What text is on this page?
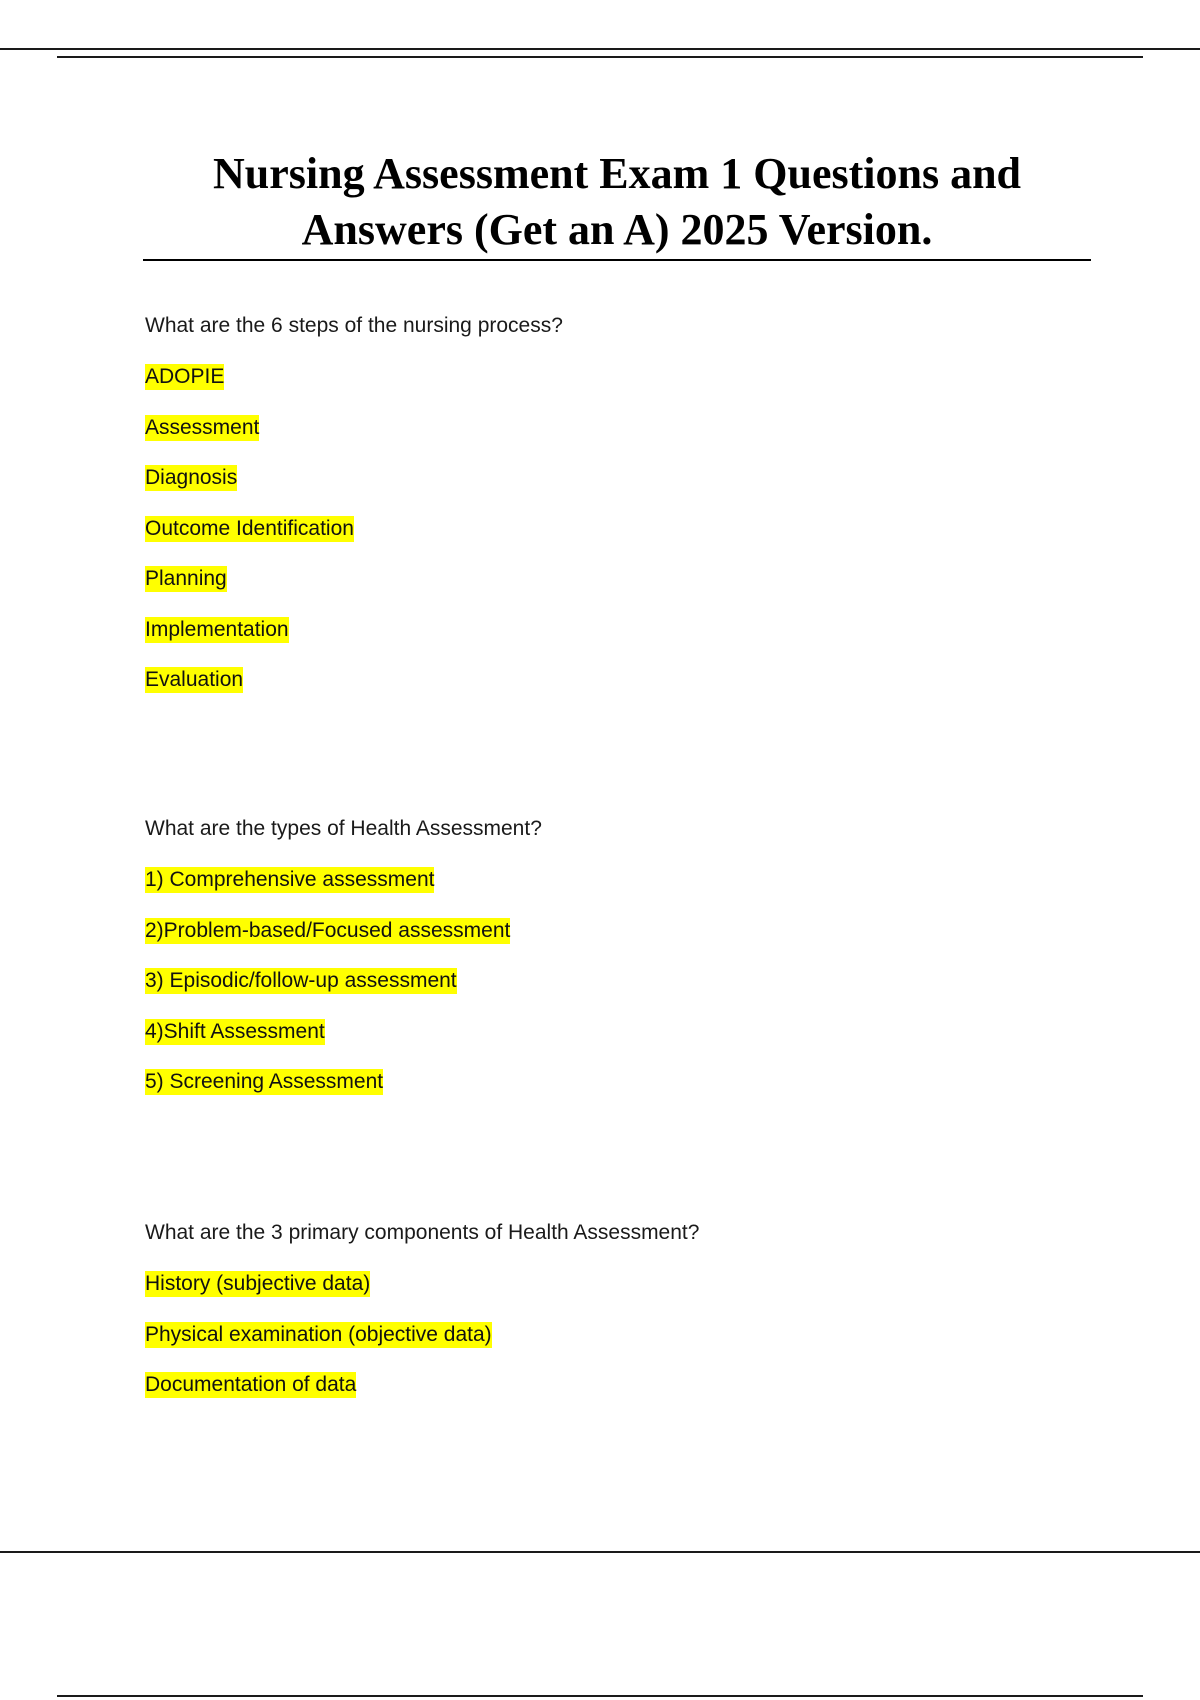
Nursing Assessment Exam 1 Questions and
Answers (Get an A) 2025 Version.
What are the 6 steps of the nursing process?
ADOPIE
Assessment
Diagnosis
Outcome Identification
Planning
Implementation
Evaluation
What are the types of Health Assessment?
1) Comprehensive assessment
2)Problem-based/Focused assessment
3) Episodic/follow-up assessment
4)Shift Assessment
5) Screening Assessment
What are the 3 primary components of Health Assessment?
History (subjective data)
Physical examination (objective data)
Documentation of data
